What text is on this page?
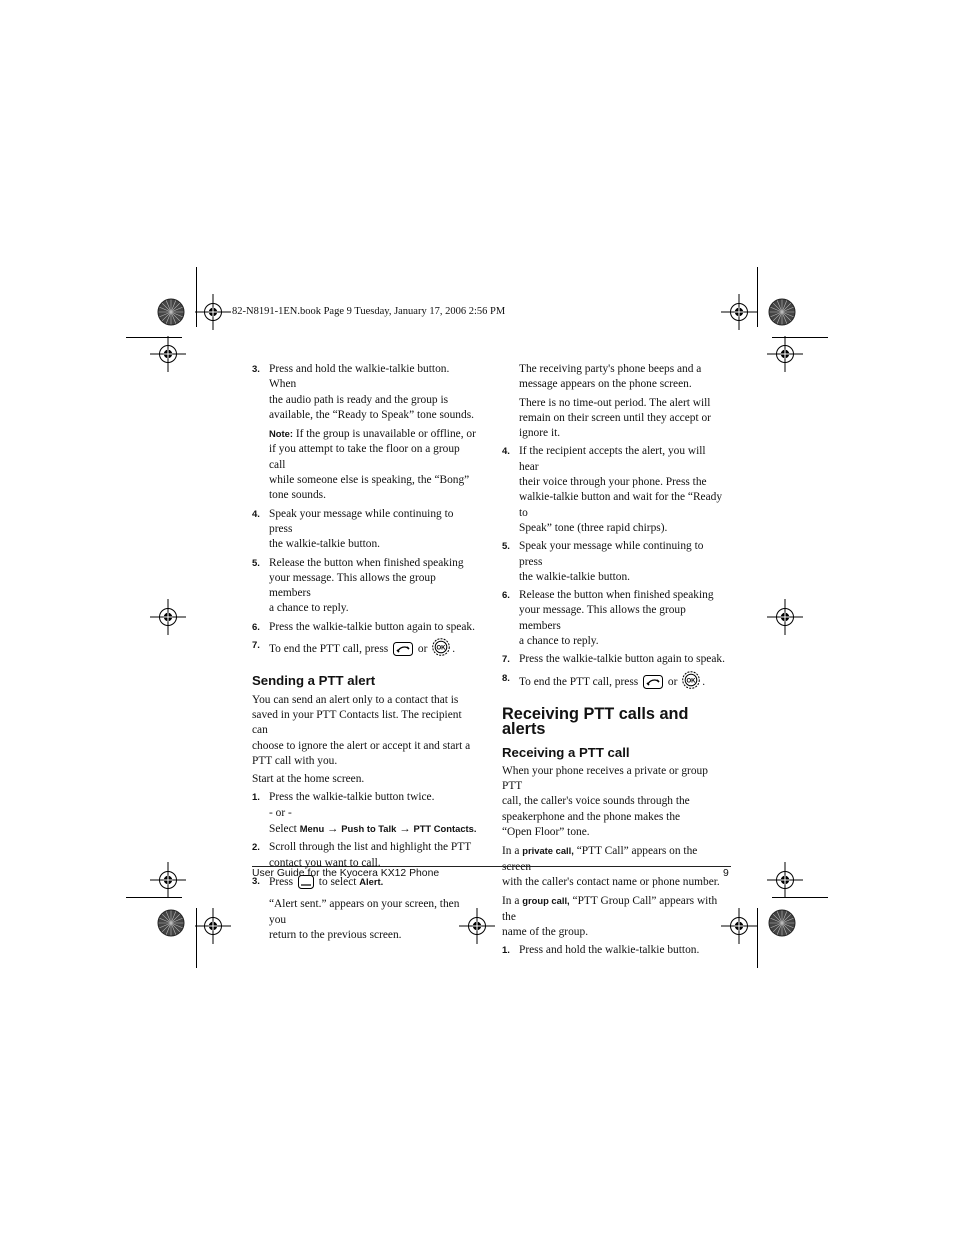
82-N8191-1EN.book Page 9 Tuesday, January 17, 2006 2:56 PM
3. Press and hold the walkie-talkie button. When

the audio path is ready and the group is

available, the “Ready to Speak” tone sounds.

Note: If the group is unavailable or offline, or

if you attempt to take the floor on a group call

while someone else is speaking, the “Bong”

tone sounds.

4. Speak your message while continuing to press

the walkie-talkie button.

5. Release the button when finished speaking

your message. This allows the group members

a chance to reply.

6. Press the walkie-talkie button again to speak.

7. To end the PTT call, press	or OK .

Sending a PTT alert

You can send an alert only to a contact that is

saved in your PTT Contacts list. The recipient can

choose to ignore the alert or accept it and start a

PTT call with you.

Start at the home screen.

1. Press the walkie-talkie button twice.

- or -

Select Menu → Push to Talk → PTT Contacts.

2. Scroll through the list and highlight the PTT

contact you want to call.

3. Press to select Alert.

“Alert sent.” appears on your screen, then you

return to the previous screen.

The receiving party's phone beeps and a

message appears on the phone screen.

There is no time-out period. The alert will

remain on their screen until they accept or

ignore it.

4. If the recipient accepts the alert, you will hear

their voice through your phone. Press the

walkie-talkie button and wait for the “Ready to

Speak” tone (three rapid chirps).

5. Speak your message while continuing to press

the walkie-talkie button.

6. Release the button when finished speaking

your message. This allows the group members

a chance to reply.

7. Press the walkie-talkie button again to speak.

8. To end the PTT call, press	or OK .

Receiving PTT calls and alerts
Receiving a PTT call

When your phone receives a private or group PTT

call, the caller's voice sounds through the

speakerphone and the phone makes the

“Open Floor” tone.

In a private call, “PTT Call” appears on the screen

with the caller's contact name or phone number.

In a group call, “PTT Group Call” appears with the

name of the group.

1. Press and hold the walkie-talkie button.

User Guide for the Kyocera KX12 Phone	9
